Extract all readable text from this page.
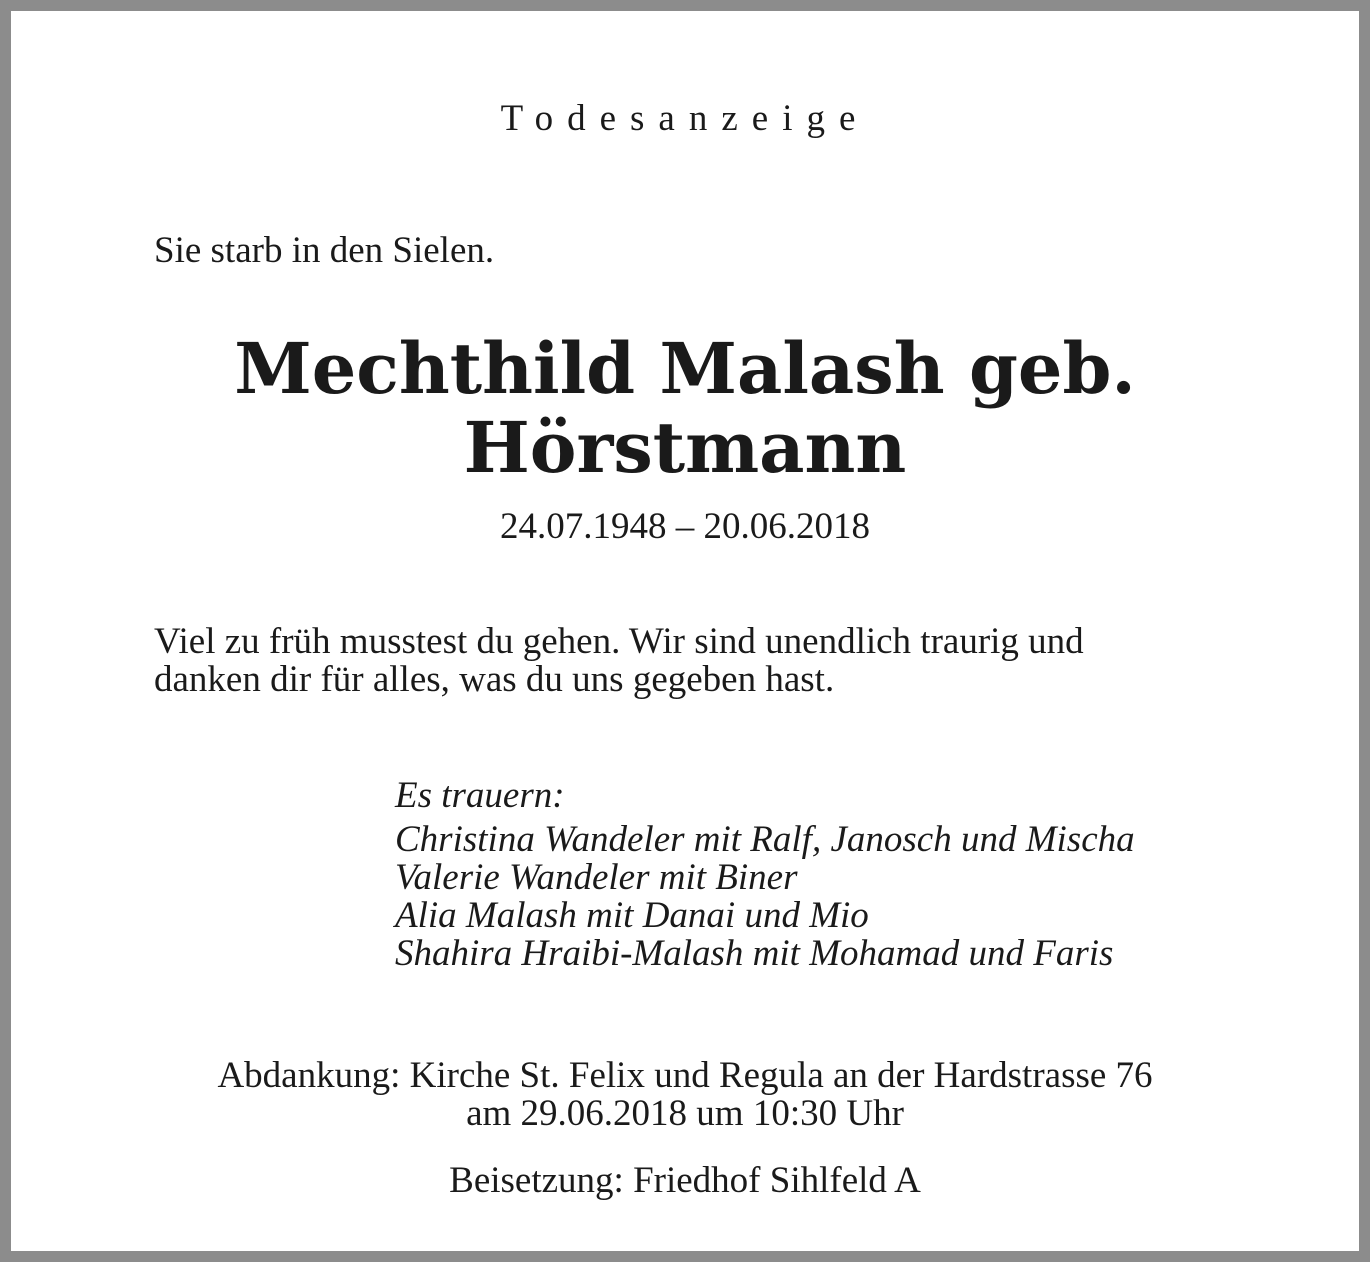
Todesanzeige
Sie starb in den Sielen.
Mechthild Malash geb.
Hörstmann
24.07.1948 – 20.06.2018
Viel zu früh musstest du gehen. Wir sind unendlich traurig und
danken dir für alles, was du uns gegeben hast.
Es trauern:
Christina Wandeler mit Ralf, Janosch und Mischa
Valerie Wandeler mit Biner
Alia Malash mit Danai und Mio
Shahira Hraibi-Malash mit Mohamad und Faris
Abdankung: Kirche St. Felix und Regula an der Hardstrasse 76
am 29.06.2018 um 10:30 Uhr
Beisetzung: Friedhof Sihlfeld A
